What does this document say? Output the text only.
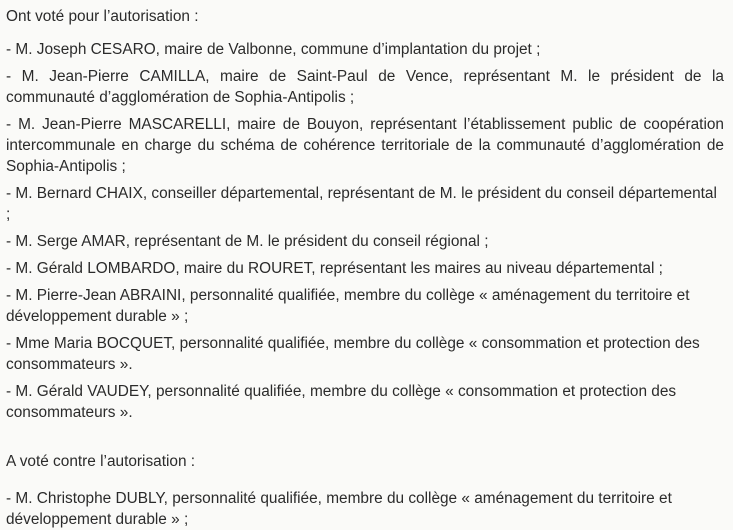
Ont voté pour l’autorisation :

- M. Joseph CESARO, maire de Valbonne, commune d’implantation du projet ;
- M. Jean-Pierre CAMILLA, maire de Saint-Paul de Vence, représentant M. le président de la communauté d’agglomération de Sophia-Antipolis ;
- M. Jean-Pierre MASCARELLI, maire de Bouyon, représentant l’établissement public de coopération intercommunale en charge du schéma de cohérence territoriale de la communauté d’agglomération de Sophia-Antipolis ;
- M. Bernard CHAIX, conseiller départemental, représentant de M. le président du conseil départemental ;
- M. Serge AMAR, représentant de M. le président du conseil régional ;
- M. Gérald LOMBARDO, maire du ROURET, représentant les maires au niveau départemental ;
- M. Pierre-Jean ABRAINI, personnalité qualifiée, membre du collège « aménagement du territoire et développement durable » ;
- Mme Maria BOCQUET, personnalité qualifiée, membre du collège « consommation et protection des consommateurs ».
- M. Gérald VAUDEY, personnalité qualifiée, membre du collège « consommation et protection des consommateurs ».

A voté contre l’autorisation :

- M. Christophe DUBLY, personnalité qualifiée, membre du collège « aménagement du territoire et développement durable » ;
